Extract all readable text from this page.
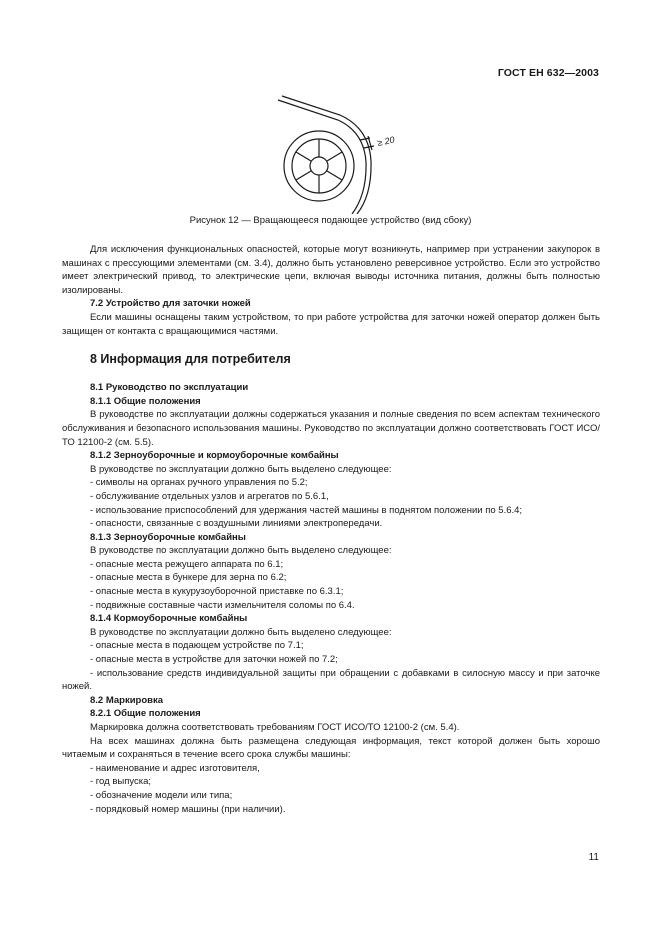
ГОСТ ЕН 632—2003
≥ 20
Рисунок 12 — Вращающееся подающее устройство (вид сбоку)

Для исключения функциональных опасностей, которые могут возникнуть, например при устранении закупорок в машинах с прессующими элементами (см. 3.4), должно быть установлено реверсивное устройство. Если это устройство имеет электрический привод, то электрические цепи, включая выводы источника питания, должны быть полностью изолированы.

7.2 Устройство для заточки ножей

Если машины оснащены таким устройством, то при работе устройства для заточки ножей оператор должен быть защищен от контакта с вращающимися частями.

8 Информация для потребителя

8.1 Руководство по эксплуатации

8.1.1 Общие положения

В руководстве по эксплуатации должны содержаться указания и полные сведения по всем аспектам технического обслуживания и безопасного использования машины. Руководство по эксплуатации должно соответствовать ГОСТ ИСО/ТО 12100-2 (см. 5.5).

8.1.2 Зерноуборочные и кормоуборочные комбайны

В руководстве по эксплуатации должно быть выделено следующее:

- символы на органах ручного управления по 5.2;

- обслуживание отдельных узлов и агрегатов по 5.6.1,

- использование приспособлений для удержания частей машины в поднятом положении по 5.6.4;

- опасности, связанные с воздушными линиями электропередачи.

8.1.3 Зерноуборочные комбайны

В руководстве по эксплуатации должно быть выделено следующее:

- опасные места режущего аппарата по 6.1;

- опасные места в бункере для зерна по 6.2;

- опасные места в кукурузоуборочной приставке по 6.3.1;

- подвижные составные части измельчителя соломы по 6.4.

8.1.4 Кормоуборочные комбайны

В руководстве по эксплуатации должно быть выделено следующее:

- опасные места в подающем устройстве по 7.1;

- опасные места в устройстве для заточки ножей по 7.2;

- использование средств индивидуальной защиты при обращении с добавками в силосную массу и при заточке ножей.

8.2 Маркировка

8.2.1 Общие положения

Маркировка должна соответствовать требованиям ГОСТ ИСО/ТО 12100-2 (см. 5.4).

На всех машинах должна быть размещена следующая информация, текст которой должен быть хорошо читаемым и сохраняться в течение всего срока службы машины:

- наименование и адрес изготовителя,

- год выпуска;

- обозначение модели или типа;

- порядковый номер машины (при наличии).

11
